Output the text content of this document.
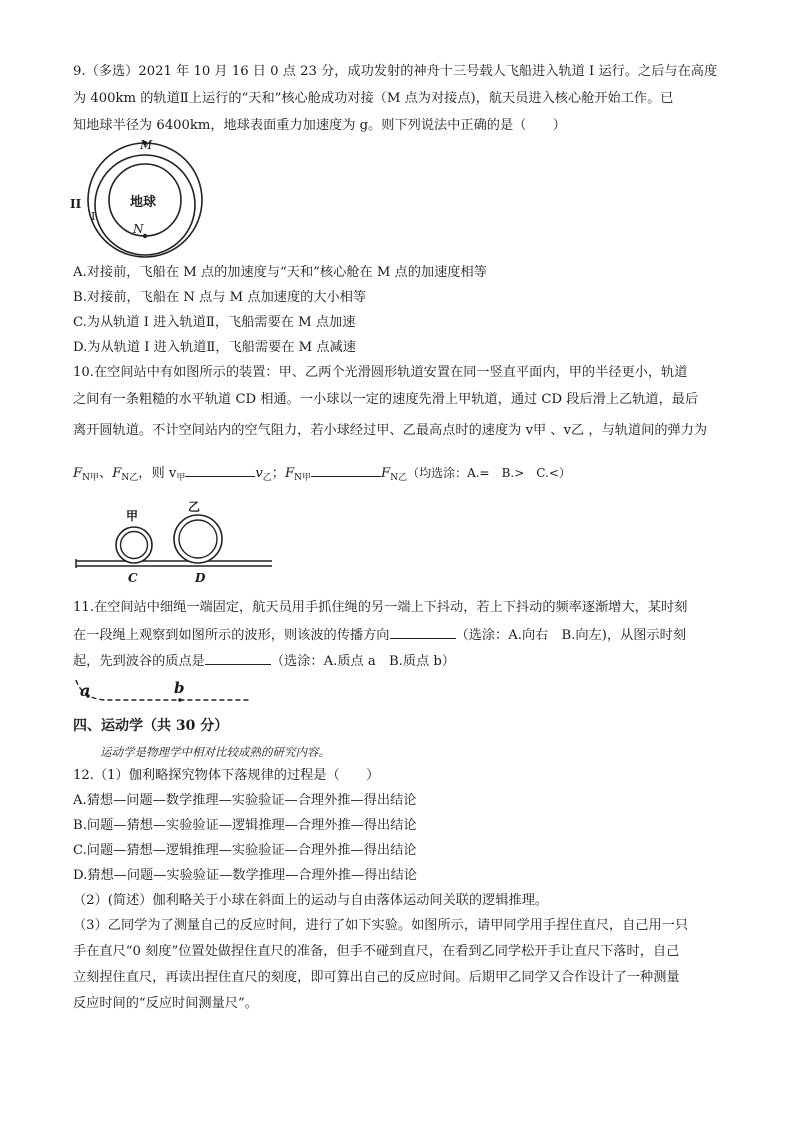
9.（多选）2021 年 10 月 16 日 0 点 23 分，成功发射的神舟十三号载人飞船进入轨道 I 运行。之后与在高度
为 400km 的轨道Ⅱ上运行的“天和”核心舱成功对接（M 点为对接点)，航天员进入核心舱开始工作。已
知地球半径为 6400km，地球表面重力加速度为 g。则下列说法中正确的是（　　）
M
N
地球
II
I
A.对接前，飞船在 M 点的加速度与“天和”核心舱在 M 点的加速度相等
B.对接前，飞船在 N 点与 M 点加速度的大小相等
C.为从轨道 I 进入轨道Ⅱ，飞船需要在 M 点加速
D.为从轨道 I 进入轨道Ⅱ，飞船需要在 M 点减速
10.在空间站中有如图所示的装置：甲、乙两个光滑圆形轨道安置在同一竖直平面内，甲的半径更小，轨道
之间有一条粗糙的水平轨道 CD 相通。一小球以一定的速度先滑上甲轨道，通过 CD 段后滑上乙轨道，最后
离开圆轨道。不计空间站内的空气阻力，若小球经过甲、乙最高点时的速度为 v甲 、v乙 ，与轨道间的弹力为
$F_{N甲}$、$F_{N乙}$，则 $v_甲$	$v_乙$；$F_{N甲}$	$F_{N乙}$（均选涂：A.=　B.>　C.<）
甲
乙
C	D
11.在空间站中细绳一端固定，航天员用手抓住绳的另一端上下抖动，若上下抖动的频率逐渐增大，某时刻
在一段绳上观察到如图所示的波形，则该波的传播方向	（选涂：A.向右　B.向左)，从图示时刻
起，先到波谷的质点是	（选涂：A.质点 a　B.质点 b）
a	b
四、运动学（共 30 分）
运动学是物理学中相对比较成熟的研究内容。
12.（1）伽利略探究物体下落规律的过程是（　　）
A.猜想—问题—数学推理—实验验证—合理外推—得出结论
B.问题—猜想—实验验证—逻辑推理—合理外推—得出结论
C.问题—猜想—逻辑推理—实验验证—合理外推—得出结论
D.猜想—问题—实验验证—数学推理—合理外推—得出结论
（2）(简述）伽利略关于小球在斜面上的运动与自由落体运动间关联的逻辑推理。
（3）乙同学为了测量自己的反应时间，进行了如下实验。如图所示，请甲同学用手捏住直尺，自己用一只
手在直尺“0 刻度”位置处做捏住直尺的准备，但手不碰到直尺，在看到乙同学松开手让直尺下落时，自己
立刻捏住直尺，再读出捏住直尺的刻度，即可算出自己的反应时间。后期甲乙同学又合作设计了一种测量
反应时间的“反应时间测量尺”。
